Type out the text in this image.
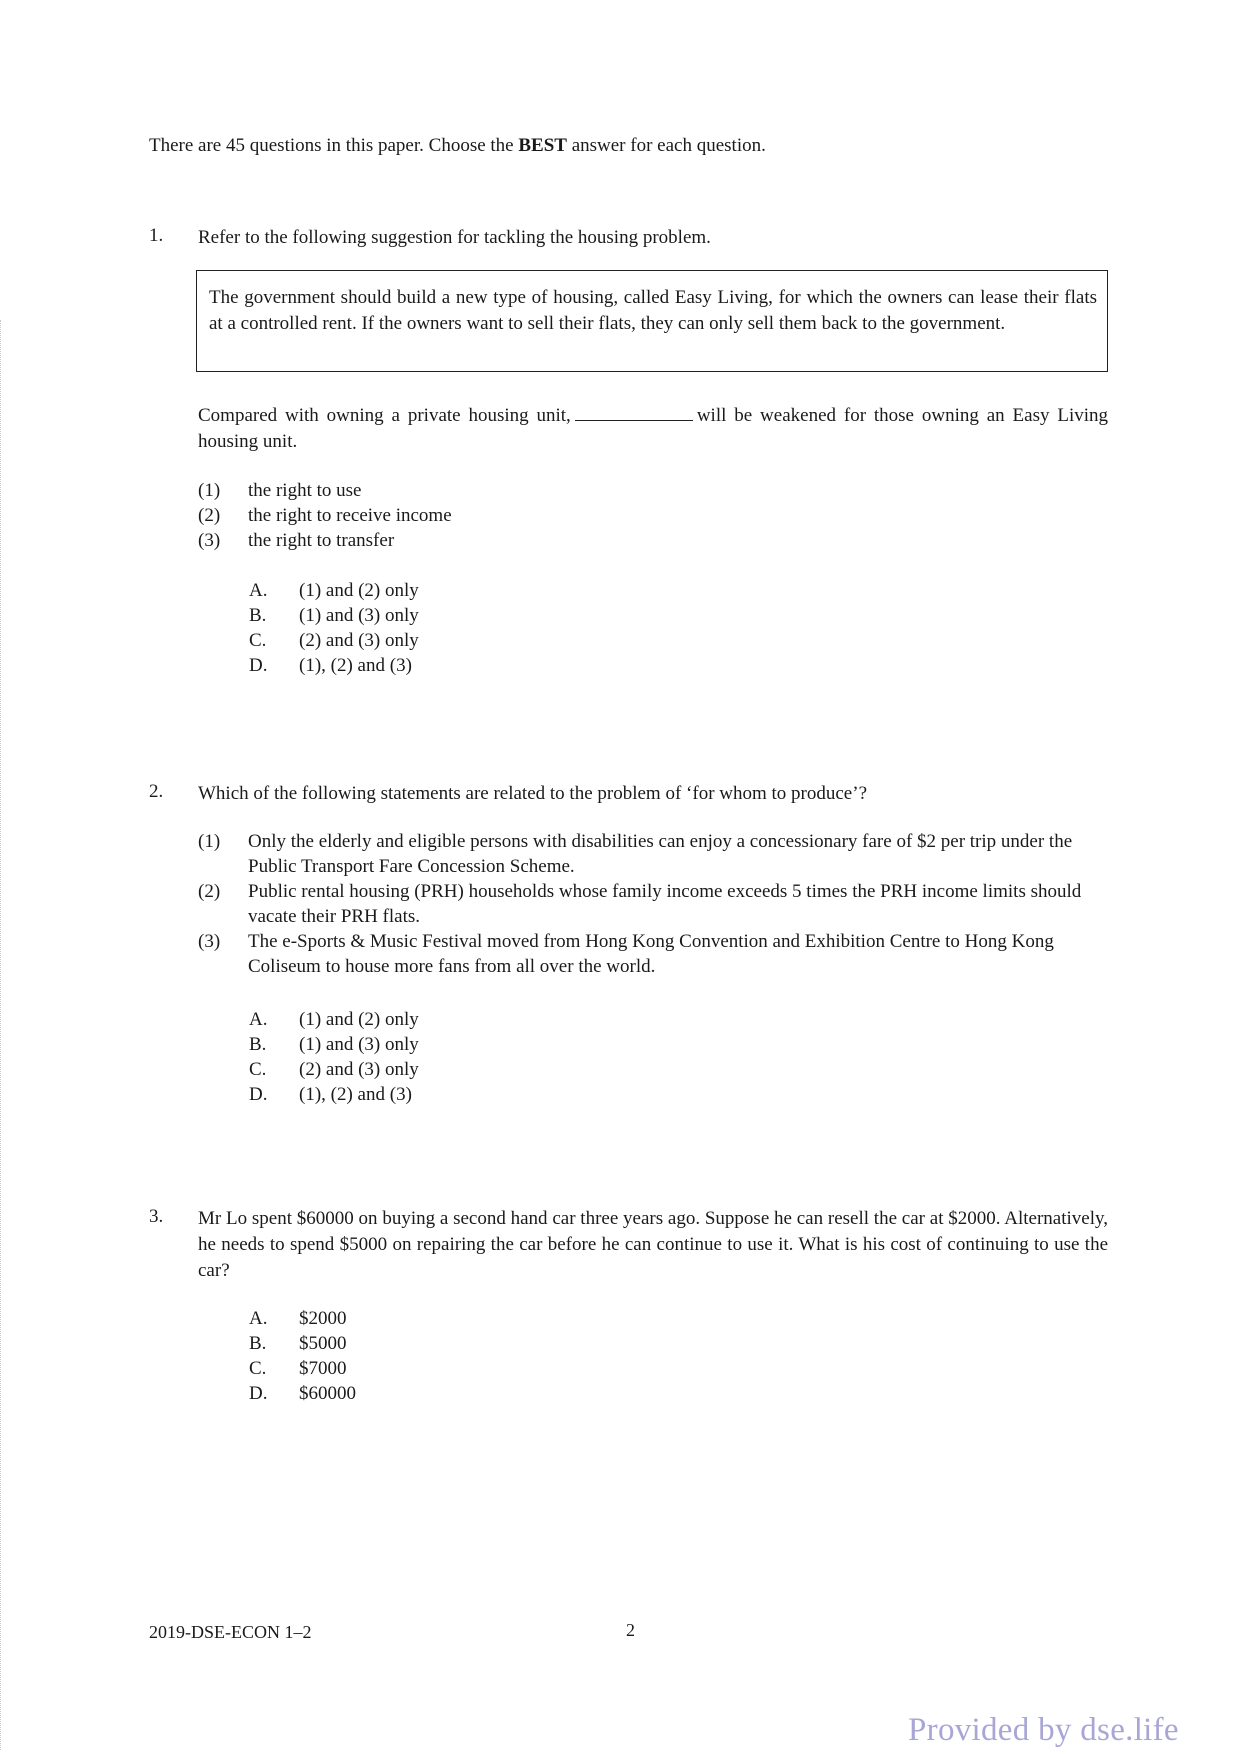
There are 45 questions in this paper. Choose the BEST answer for each question.
1. Refer to the following suggestion for tackling the housing problem.
The government should build a new type of housing, called Easy Living, for which the owners can lease their flats at a controlled rent. If the owners want to sell their flats, they can only sell them back to the government.
Compared with owning a private housing unit,	will be weakened for those owning an Easy Living housing unit.
(1)	the right to use
(2)	the right to receive income
(3)	the right to transfer
A.	(1) and (2) only
B.	(1) and (3) only
C.	(2) and (3) only
D.	(1), (2) and (3)
2. Which of the following statements are related to the problem of ‘for whom to produce’?
(1)	Only the elderly and eligible persons with disabilities can enjoy a concessionary fare of $2 per trip under the Public Transport Fare Concession Scheme.
(2)	Public rental housing (PRH) households whose family income exceeds 5 times the PRH income limits should vacate their PRH flats.
(3)	The e-Sports & Music Festival moved from Hong Kong Convention and Exhibition Centre to Hong Kong Coliseum to house more fans from all over the world.
A.	(1) and (2) only
B.	(1) and (3) only
C.	(2) and (3) only
D.	(1), (2) and (3)
3. Mr Lo spent $60000 on buying a second hand car three years ago. Suppose he can resell the car at $2000. Alternatively, he needs to spend $5000 on repairing the car before he can continue to use it. What is his cost of continuing to use the car?
A.	$2000
B.	$5000
C.	$7000
D.	$60000
2019-DSE-ECON 1–2	2
Provided by dse.life
